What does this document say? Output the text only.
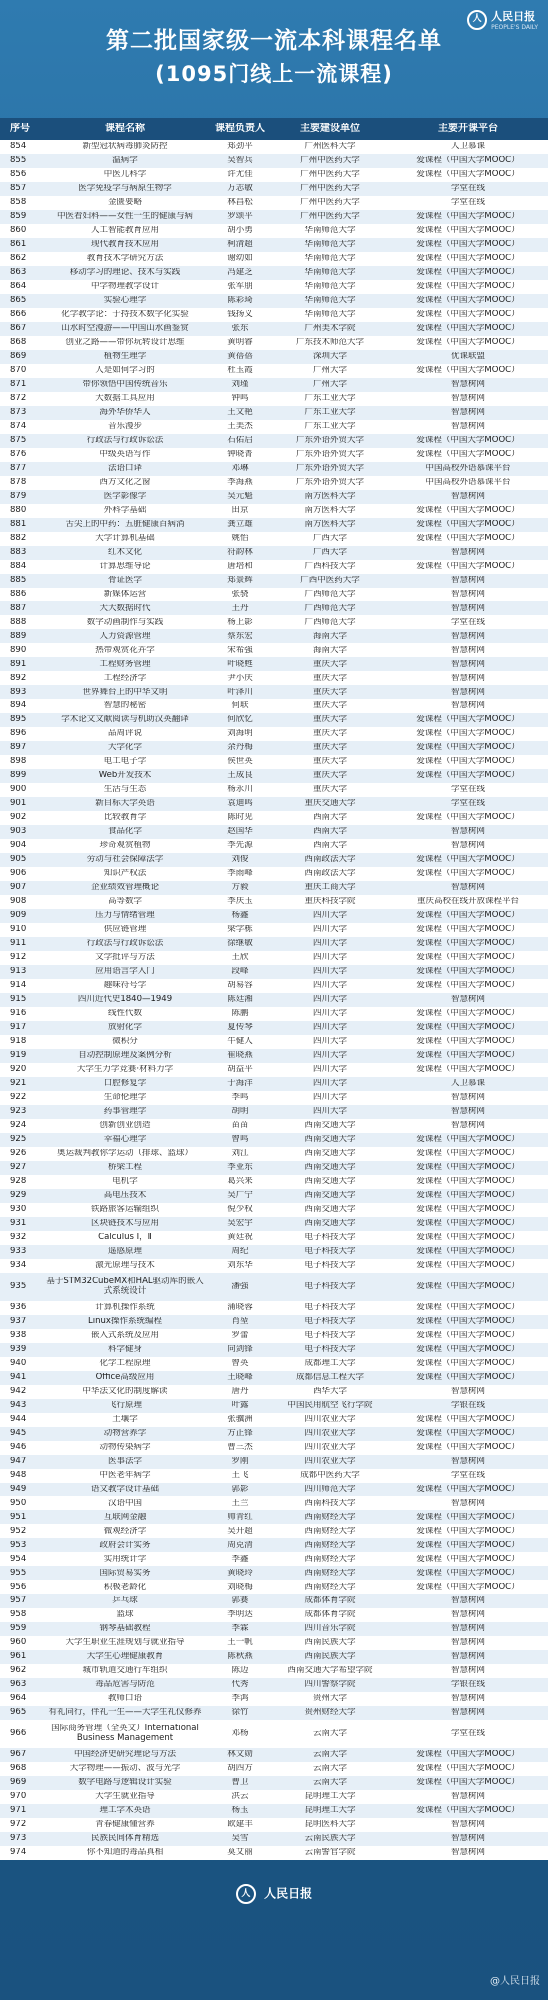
人 人民日报
PEOPLE'S DAILY
第二批国家级一流本科课程名单
(1095门线上一流课程)
序号	课程名称	课程负责人	主要建设单位	主要开课平台
854	新型冠状病毒肺炎防控	郑劲平	广州医科大学	人卫慕课
855	温病学	吴智兵	广州中医药大学	爱课程（中国大学MOOC）
856	中医儿科学	许尤佳	广州中医药大学	爱课程（中国大学MOOC）
857	医学免疫学与病原生物学	万志敏	广州中医药大学	学堂在线
858	金匮要略	林昌松	广州中医药大学	学堂在线
859	中医看妇科——女性一生的健康与病	罗颂平	广州中医药大学	爱课程（中国大学MOOC）
860	人工智能教育应用	胡小勇	华南师范大学	爱课程（中国大学MOOC）
861	现代教育技术应用	柯清超	华南师范大学	爱课程（中国大学MOOC）
862	教育技术学研究方法	谢幼如	华南师范大学	爱课程（中国大学MOOC）
863	移动学习的理论、技术与实践	冯建芝	华南师范大学	爱课程（中国大学MOOC）
864	中学物理教学设计	张军朋	华南师范大学	爱课程（中国大学MOOC）
865	实验心理学	陈彩琦	华南师范大学	爱课程（中国大学MOOC）
866	化学教学论：于持技术数字化实验	钱扬义	华南师范大学	爱课程（中国大学MOOC）
867	山水时空漫游——中国山水画鉴赏	张东	广州美术学院	爱课程（中国大学MOOC）
868	创业之路——带你玩转设计思维	黄明睿	广东技术师范大学	爱课程（中国大学MOOC）
869	植物生理学	黄蓓蓓	深圳大学	优课联盟
870	人是如何学习的	杜玉霞	广州大学	爱课程（中国大学MOOC）
871	带你领悟中国传统音乐	刘瑾	广州大学	智慧树网
872	大数据工具应用	钟鸣	广东工业大学	智慧树网
873	海外华侨华人	王文艳	广东工业大学	智慧树网
874	音乐漫步	王美杰	广东工业大学	智慧树网
875	行政法与行政诉讼法	石佑启	广东外语外贸大学	爱课程（中国大学MOOC）
876	中级英语写作	钟晓菁	广东外语外贸大学	爱课程（中国大学MOOC）
877	法语口译	邓琳	广东外语外贸大学	中国高校外语慕课平台
878	西方文化之窗	李海燕	广东外语外贸大学	中国高校外语慕课平台
879	医学影像学	吴元魁	南方医科大学	智慧树网
880	外科学基础	田京	南方医科大学	爱课程（中国大学MOOC）
881	舌尖上的中药：五脏健康百病消	龚立雄	南方医科大学	爱课程（中国大学MOOC）
882	大学计算机基础	姚怡	广西大学	爱课程（中国大学MOOC）
883	红木文化	符韵林	广西大学	智慧树网
884	计算思维导论	唐培和	广西科技大学	爱课程（中国大学MOOC）
885	骨证医学	郑景辉	广西中医药大学	智慧树网
886	新媒体运营	张骁	广西师范大学	智慧树网
887	大大数据时代	王丹	广西师范大学	智慧树网
888	数字动画制作与实践	杨上影	广西师范大学	学堂在线
889	人力资源管理	蔡东宏	海南大学	智慧树网
890	热带观赏花卉学	宋希强	海南大学	智慧树网
891	工程财务管理	叶晓甦	重庆大学	智慧树网
892	工程经济学	尹小庆	重庆大学	智慧树网
893	世界舞台上的中华文明	叶泽川	重庆大学	智慧树网
894	智慧的秘密	何联	重庆大学	智慧树网
895	学术论文文献阅读与机助汉英翻译	何欣忆	重庆大学	爱课程（中国大学MOOC）
896	品周评说	刘海明	重庆大学	爱课程（中国大学MOOC）
897	大学化学	余丹梅	重庆大学	爱课程（中国大学MOOC）
898	电工电子学	侯世英	重庆大学	爱课程（中国大学MOOC）
899	Web开发技术	王成良	重庆大学	爱课程（中国大学MOOC）
900	生活与生态	杨永川	重庆大学	学堂在线
901	新目标大学英语	袁迪鸣	重庆交通大学	学堂在线
902	比较教育学	陈时见	西南大学	爱课程（中国大学MOOC）
903	食品化学	赵国华	西南大学	智慧树网
904	珍奇观赏植物	李先源	西南大学	智慧树网
905	劳动与社会保障法学	刘俊	西南政法大学	爱课程（中国大学MOOC）
906	知识产权法	李雨峰	西南政法大学	爱课程（中国大学MOOC）
907	企业绩效管理概论	方毅	重庆工商大学	智慧树网
908	高等数学	李庆玉	重庆科技学院	重庆高校在线开放课程平台
909	压力与情绪管理	杨鑫	四川大学	爱课程（中国大学MOOC）
910	供应链管理	梁学栋	四川大学	爱课程（中国大学MOOC）
911	行政法与行政诉讼法	徐继敏	四川大学	爱课程（中国大学MOOC）
912	文学批评与方法	王欣	四川大学	爱课程（中国大学MOOC）
913	应用语言学入门	段峰	四川大学	爱课程（中国大学MOOC）
914	趣味符号学	胡易容	四川大学	爱课程（中国大学MOOC）
915	四川近代史1840—1949	陈廷湘	四川大学	智慧树网
916	线性代数	陈鹏	四川大学	爱课程（中国大学MOOC）
917	放射化学	夏传琴	四川大学	爱课程（中国大学MOOC）
918	微积分	牛健人	四川大学	爱课程（中国大学MOOC）
919	自动控制原理及案例分析	崔晓燕	四川大学	爱课程（中国大学MOOC）
920	大学生力学竞赛·材料力学	胡益平	四川大学	爱课程（中国大学MOOC）
921	口腔修复学	于海洋	四川大学	人卫慕课
922	生命伦理学	李鸣	四川大学	智慧树网
923	药事管理学	胡明	四川大学	智慧树网
924	创新创业创造	苗苗	西南交通大学	智慧树网
925	幸福心理学	曾鸣	西南交通大学	爱课程（中国大学MOOC）
926	奥运裁判教你学运动（排球、篮球）	刘江	西南交通大学	爱课程（中国大学MOOC）
927	桥梁工程	李亚东	西南交通大学	爱课程（中国大学MOOC）
928	电机学	葛兴来	西南交通大学	爱课程（中国大学MOOC）
929	高电压技术	吴广宁	西南交通大学	爱课程（中国大学MOOC）
930	铁路旅客运输组织	倪少权	西南交通大学	爱课程（中国大学MOOC）
931	区块链技术与应用	吴宏宇	西南交通大学	爱课程（中国大学MOOC）
932	Calculus Ⅰ，Ⅱ	黄廷祝	电子科技大学	爱课程（中国大学MOOC）
933	遥感原理	周纪	电子科技大学	爱课程（中国大学MOOC）
934	激光原理与技术	刘东华	电子科技大学	爱课程（中国大学MOOC）
935	基于STM32CubeMX和HAL驱动库的嵌入式系统设计	潘强	电子科技大学	爱课程（中国大学MOOC）
936	计算机操作系统	蒲晓蓉	电子科技大学	爱课程（中国大学MOOC）
937	Linux操作系统编程	肖堃	电子科技大学	爱课程（中国大学MOOC）
938	嵌入式系统及应用	罗蕾	电子科技大学	爱课程（中国大学MOOC）
939	科学健身	向剑锋	电子科技大学	爱课程（中国大学MOOC）
940	化学工程原理	曾英	成都理工大学	爱课程（中国大学MOOC）
941	Office高级应用	王晓峰	成都信息工程大学	爱课程（中国大学MOOC）
942	中华法文化的制度解读	唐丹	西华大学	智慧树网
943	飞行原理	叶露	中国民用航空飞行学院	学银在线
944	土壤学	张骥洲	四川农业大学	爱课程（中国大学MOOC）
945	动物营养学	方正锋	四川农业大学	爱课程（中国大学MOOC）
946	动物传染病学	曹三杰	四川农业大学	爱课程（中国大学MOOC）
947	医事法学	罗刚	四川农业大学	智慧树网
948	中医老年病学	王飞	成都中医药大学	学堂在线
949	语文教学设计基础	郭影	四川师范大学	爱课程（中国大学MOOC）
950	汉语中国	王兰	西南科技大学	智慧树网
951	互联网金融	帅青红	西南财经大学	爱课程（中国大学MOOC）
952	微观经济学	吴开超	西南财经大学	爱课程（中国大学MOOC）
953	政府会计实务	周克清	西南财经大学	爱课程（中国大学MOOC）
954	实用统计学	李鑫	西南财经大学	爱课程（中国大学MOOC）
955	国际贸易实务	黄晓玲	西南财经大学	爱课程（中国大学MOOC）
956	积极老龄化	刘晓梅	西南财经大学	爱课程（中国大学MOOC）
957	乒乓球	郭赛	成都体育学院	智慧树网
958	篮球	李明达	成都体育学院	智慧树网
959	钢琴基础教程	李霖	四川音乐学院	智慧树网
960	大学生职业生涯规划与就业指导	王一帆	西南民族大学	智慧树网
961	大学生心理健康教育	陈秋燕	西南民族大学	智慧树网
962	城市轨道交通行车组织	陈迈	西南交通大学希望学院	智慧树网
963	毒品危害与防范	代秀	四川警察学院	学银在线
964	教师口语	李鸿	贵州大学	智慧树网
965	有礼同行，伴礼一生——大学生礼仪修养	徐竹	贵州财经大学	智慧树网
966	国际商务管理（全英文）International Business Management	邓杨	云南大学	学堂在线
967	中国经济史研究理论与方法	林文勋	云南大学	爱课程（中国大学MOOC）
968	大学物理——振动、波与光学	胡四方	云南大学	爱课程（中国大学MOOC）
969	数字电路与逻辑设计实验	曹卫	云南大学	爱课程（中国大学MOOC）
970	大学生就业指导	洪云	昆明理工大学	智慧树网
971	理工学术英语	杨玉	昆明理工大学	爱课程（中国大学MOOC）
972	青春健康懂营养	欧建丰	昆明医科大学	智慧树网
973	民族民间体育精选	吴雪	云南民族大学	智慧树网
974	你不知道的毒品真相	莫艾丽	云南警官学院	智慧树网
人 人民日报
@人民日报
